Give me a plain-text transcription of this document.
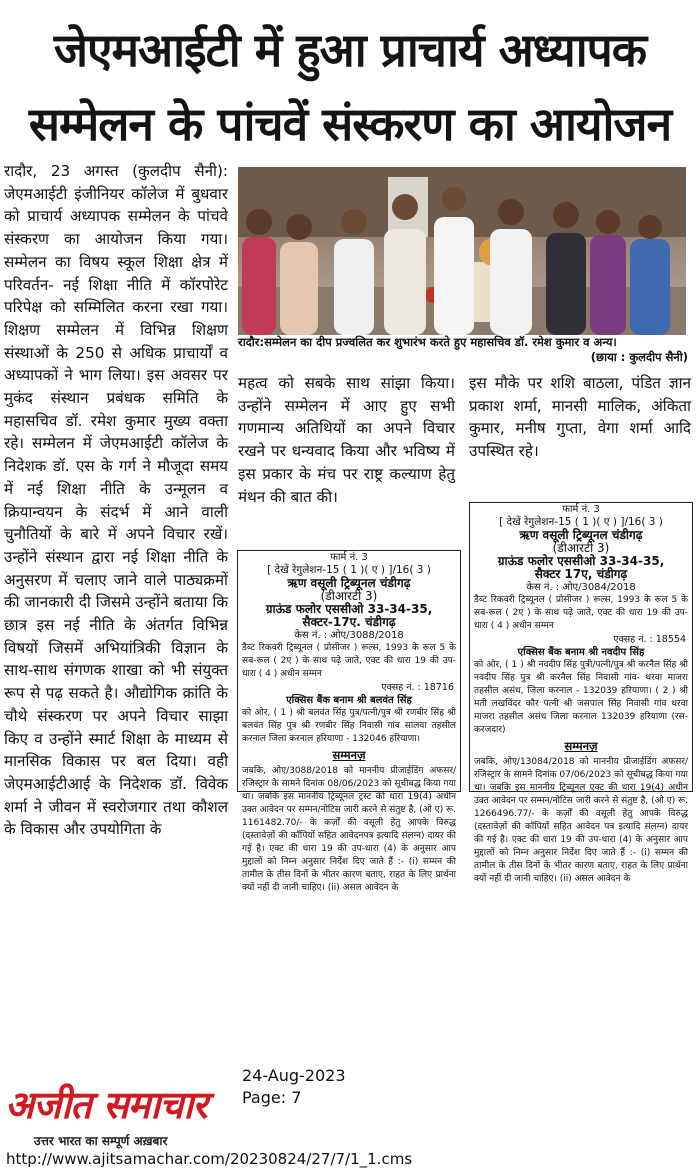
जेएमआईटी में हुआ प्राचार्य अध्यापक
सम्मेलन के पांचवें संस्करण का आयोजन
रादौर, 23 अगस्त (कुलदीप सैनी): जेएमआईटी इंजीनियर कॉलेज में बुधवार को प्राचार्य अध्यापक सम्मेलन के पांचवे संस्करण का आयोजन किया गया। सम्मेलन का विषय स्कूल शिक्षा क्षेत्र में परिवर्तन- नई शिक्षा नीति में कॉरपोरेट परिपेक्ष को सम्मिलित करना रखा गया। शिक्षण सम्मेलन में विभिन्न शिक्षण संस्थाओं के 250 से अधिक प्राचार्यों व अध्यापकों ने भाग लिया। इस अवसर पर मुकंद संस्थान प्रबंधक समिति के महासचिव डॉ. रमेश कुमार मुख्य वक्ता रहे। सम्मेलन में जेएमआईटी कॉलेज के निदेशक डॉ. एस के गर्ग ने मौजूदा समय में नई शिक्षा नीति के उन्मूलन व क्रियान्वयन के संदर्भ में आने वाली चुनौतियों के बारे में अपने विचार रखें। उन्होंने संस्थान द्वारा नई शिक्षा नीति के अनुसरण में चलाए जाने वाले पाठ्यक्रमों की जानकारी दी जिसमे उन्होंने बताया कि छात्र इस नई नीति के अंतर्गत विभिन्न विषयों जिसमें अभियांत्रिकी विज्ञान के साथ-साथ संगणक शाखा को भी संयुक्त रूप से पढ़ सकते है। औद्योगिक क्रांति के चौथे संस्करण पर अपने विचार साझा किए व उन्होंने स्मार्ट शिक्षा के माध्यम से मानसिक विकास पर बल दिया। वही जेएमआईटीआई के निदेशक डॉ. विवेक शर्मा ने जीवन में स्वरोजगार तथा कौशल के विकास और उपयोगिता के
रादौर:सम्मेलन का दीप प्रज्वलित कर शुभारंभ करते हुए महासचिव डॉ. रमेश कुमार व अन्य।
(छाया : कुलदीप सैनी)
महत्व को सबके साथ सांझा किया। उन्होंने सम्मेलन में आए हुए सभी गणमान्य अतिथियों का अपने विचार रखने पर धन्यवाद किया और भविष्य में इस प्रकार के मंच पर राष्ट्र कल्याण हेतु मंथन की बात की।
इस मौके पर शशि बाठला, पंडित ज्ञान प्रकाश शर्मा, मानसी मालिक, अंकिता कुमार, मनीष गुप्ता, वेगा शर्मा आदि उपस्थित रहे।
फार्म नं. 3
[ देखें रेगुलेशन-15 ( 1 )( ए ) ]/16( 3 )
ऋण वसूली ट्रिब्यूनल चंडीगढ़
(डीआरटी 3)
ग्राऊंड फलोर एससीओ 33-34-35,
सैक्टर-17ए. चंडीगढ़
केस नं. : ओए/3088/2018
डैब्ट रिकवरी ट्रिब्यूनल ( प्रोसीजर ) रूल्स, 1993 के रूल 5 के सब-रूल ( 2ए ) के साथ पढ़े जाते, एक्ट की धारा 19 की उप-धारा ( 4 ) अधीन सम्मन
एक्सह नं. : 18716
एक्सिस बैंक बनाम श्री बलवंत सिंह
को ओर, ( 1 ) श्री बलवंत सिंह पुत्र/पत्नी/पुत्र श्री रणबीर सिंह श्री बलवंत सिंह पुत्र श्री रणबीर सिंह निवासी गांव सालवा तहसील करनाल जिला करनाल हरियाणा - 132046 हरियाणा।
सम्मनज़
जबकि, ओए/3088/2018 को माननीय प्रीजाईडिंग अफसर/ रजिस्ट्रार के सामने दिनांक 08/06/2023 को सूचीबद्ध किया गया था। जबकि इस माननीय ट्रिब्यूनल ट्रस्ट की धारा 19(4) अधीन उक्त आवेदन पर सम्मन/नोटिस जारी करने से संतुष्ट है, (ओ ए) रू. 1161482.70/- के कर्ज़ों की वसूली हेतु आपके विरुद्ध (दस्तावेज़ों की कॉपियों सहित आवेदनपत्र इत्यादि संलग्न) दायर की गई है। एक्ट की धारा 19 की उप-धारा (4) के अनुसार आप मुद्दालों को निम्न अनुसार निर्देश दिए जाते हैं :- (i) सम्मन की तामील के तीस दिनों के भीतर कारण बताए, राहत के लिए प्रार्थना क्यों नहीं दी जानी चाहिए। (ii) असल आवेदन के
फार्म नं. 3
[ देखें रेगुलेशन-15 ( 1 )( ए ) ]/16( 3 )
ऋण वसूली ट्रिब्यूनल चंडीगढ़
(डीआरटी 3)
ग्राऊंड फलोर एससीओ 33-34-35,
सैक्टर 17ए, चंडीगढ़
केस नं. : ओए/3084/2018
डैब्ट रिकवरी ट्रिब्यूनल ( प्रोसीजर ) रूल्स, 1993 के रूल 5 के सब-रूल ( 2ए ) के साथ पढ़े जाते, एक्ट की धारा 19 की उप-धारा ( 4 ) अधीन सम्मन
एक्सह नं. : 18554
एक्सिस बैंक बनाम श्री नवदीप सिंह
को ओर, ( 1 ) श्री नवदीप सिंह पुत्री/पत्नी/पुत्र श्री करनैल सिंह श्री नवदीप सिंह पुत्र श्री करनैल सिंह निवासी गांव- थरवा माजरा तहसील असंध, जिला करनाल - 132039 हरियाणा। ( 2 ) श्री मती लखविंदर कौर पत्नी श्री जसपाल सिंह निवासी गांव थरवा माजरा तहसील असंध जिला करनाल 132039 हरियाणा (रस-करजदार)
सम्मनज़
जबकि, ओए/13084/2018 को माननीय प्रीजाईडिंग अफसर/रजिस्ट्रार के सामने दिनांक 07/06/2023 को सूचीबद्ध किया गया था। जबकि इस माननीय ट्रिब्यूनल एक्ट की धारा 19(4) अधीन उक्त आवेदन पर सम्मन/नोटिस जारी करने से संतुष्ट है, (ओ ए) रू. 1266496.77/- के कर्ज़ों की वसूली हेतु आपके विरुद्ध (दस्तावेज़ों की कॉपियों सहित आवेदन पत्र इत्यादि संलग्न) दायर की गई है। एक्ट की धारा 19 की उप-धारा (4) के अनुसार आप मुद्दालों को निम्न अनुसार निर्देश दिए जाते हैं :- (i) सम्मन की तामील के तीस दिनों के भीतर कारण बताए, राहत के लिए प्रार्थना क्यों नहीं दी जानी चाहिए। (ii) असल आवेदन के
अजीत समाचार
उत्तर भारत का सम्पूर्ण अख़बार
24-Aug-2023
Page: 7
http://www.ajitsamachar.com/20230824/27/7/1_1.cms
